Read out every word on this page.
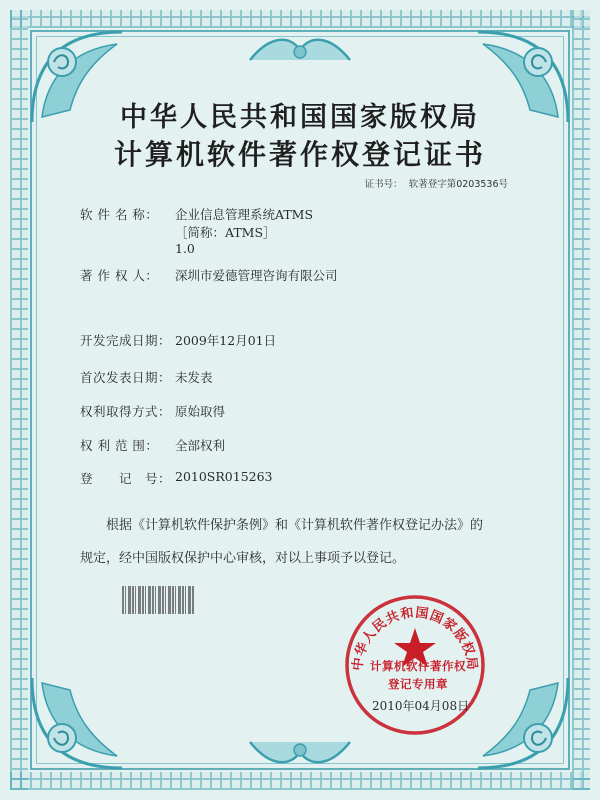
中华人民共和国国家版权局
计算机软件著作权登记证书
证书号： 软著登字第0203536号
软 件 名 称： 企业信息管理系统ATMS
［简称：ATMS］
1.0
著 作 权 人： 深圳市爱德管理咨询有限公司
开发完成日期： 2009年12月01日
首次发表日期： 未发表
权利取得方式： 原始取得
权 利 范 围： 全部权利
登　　记　号： 2010SR015263
根据《计算机软件保护条例》和《计算机软件著作权登记办法》的
规定，经中国版权保护中心审核，对以上事项予以登记。
中华人民共和国国家版权局
计算机软件著作权
登记专用章
2010年04月08日
